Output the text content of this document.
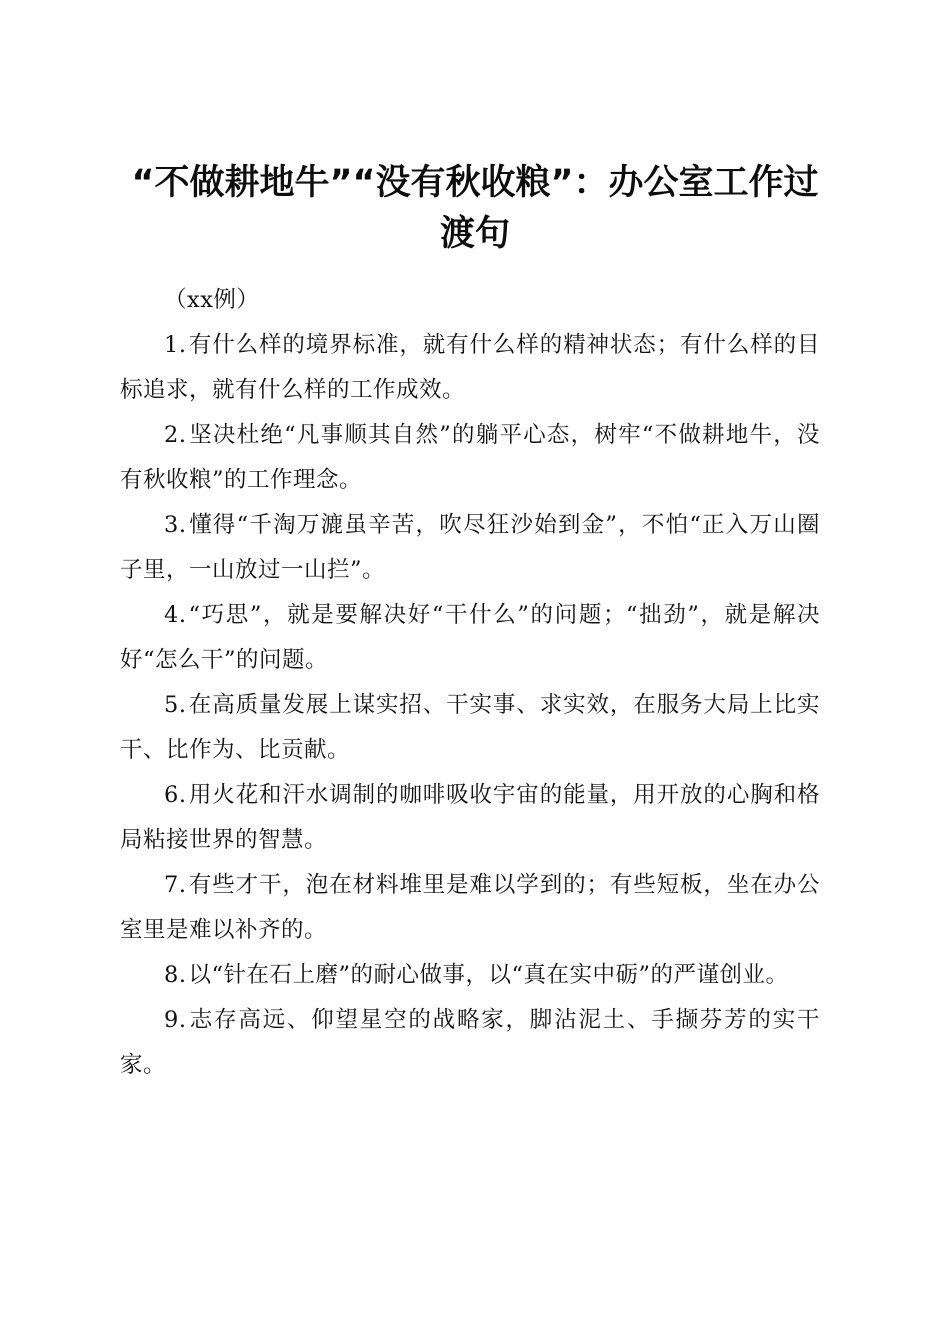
“不做耕地牛”“没有秋收粮”：办公室工作过渡句

（xx例）

1.有什么样的境界标准，就有什么样的精神状态；有什么样的目标追求，就有什么样的工作成效。

2.坚决杜绝“凡事顺其自然”的躺平心态，树牢“不做耕地牛，没有秋收粮”的工作理念。

3.懂得“千淘万漉虽辛苦，吹尽狂沙始到金”，不怕“正入万山圈子里，一山放过一山拦”。

4.“巧思”，就是要解决好“干什么”的问题；“拙劲”，就是解决好“怎么干”的问题。

5.在高质量发展上谋实招、干实事、求实效，在服务大局上比实干、比作为、比贡献。

6.用火花和汗水调制的咖啡吸收宇宙的能量，用开放的心胸和格局粘接世界的智慧。

7.有些才干，泡在材料堆里是难以学到的；有些短板，坐在办公室里是难以补齐的。

8.以“针在石上磨”的耐心做事，以“真在实中砺”的严谨创业。

9.志存高远、仰望星空的战略家，脚沾泥土、手撷芬芳的实干家。
